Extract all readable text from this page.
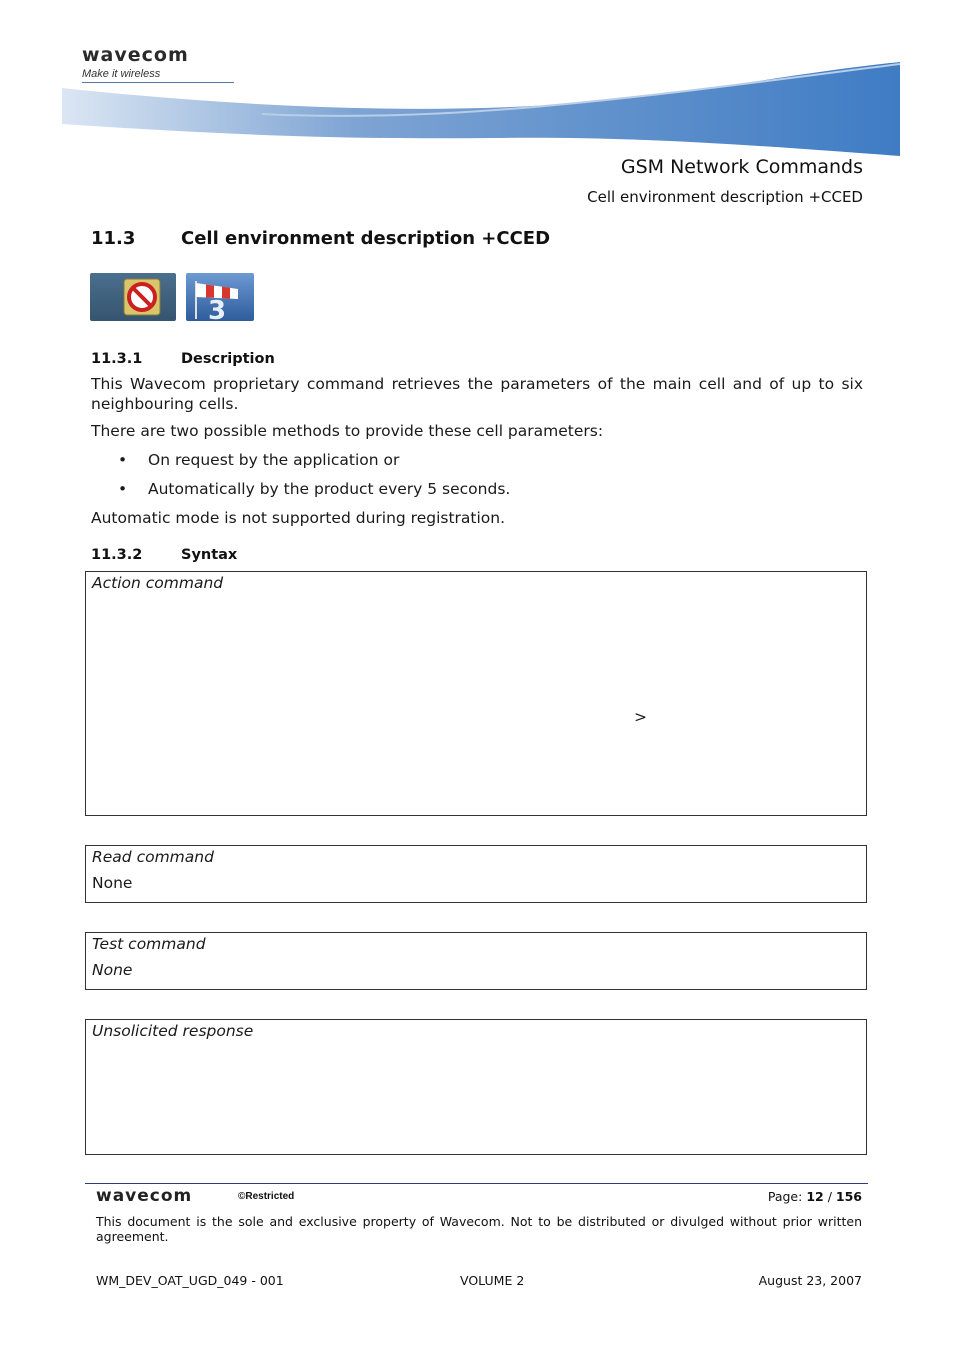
wavecom
Make it wireless
GSM Network Commands
Cell environment description +CCED
11.3	Cell environment description +CCED
3
11.3.1	Description
This Wavecom proprietary command retrieves the parameters of the main cell and of up to six neighbouring cells.
There are two possible methods to provide these cell parameters:
• On request by the application or
• Automatically by the product every 5 seconds.
Automatic mode is not supported during registration.
11.3.2	Syntax
Action command
>
Read command
None
Test command
None
Unsolicited response
wavecom	©Restricted	Page: 12 / 156
This document is the sole and exclusive property of Wavecom. Not to be distributed or divulged without prior written agreement.
WM_DEV_OAT_UGD_049 - 001	VOLUME 2	August 23, 2007
